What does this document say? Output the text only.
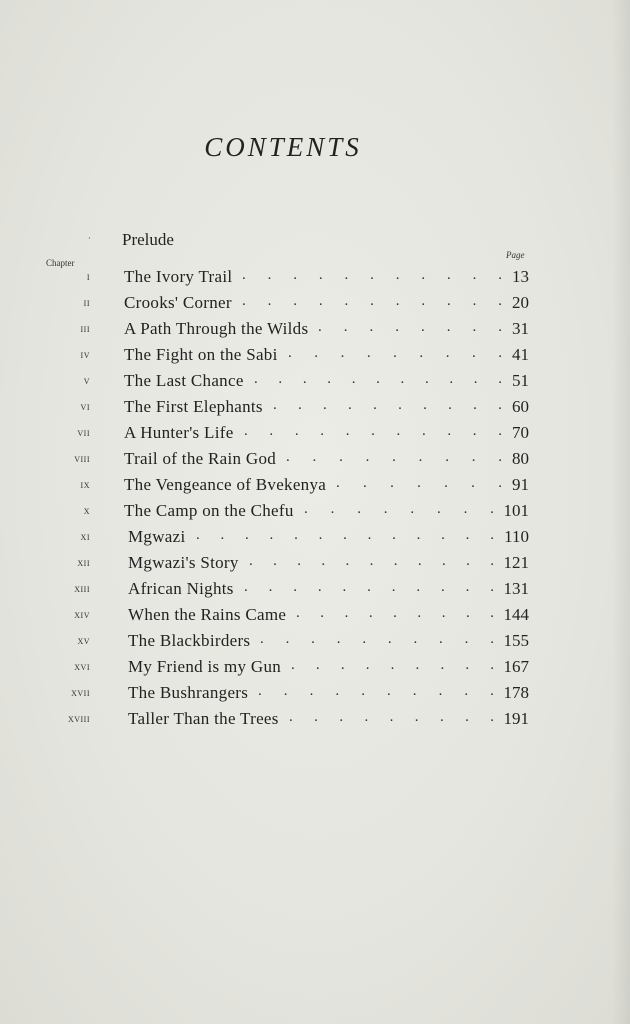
CONTENTS
· Prelude
Chapter
Page
i The Ivory Trail	13
. . . . . . . . . . .
ii Crooks' Corner	20
. . . . . . . . . . .
iii A Path Through the Wilds	31
. . . . . . . .
iv The Fight on the Sabi	41
. . . . . . . . .
v The Last Chance	51
. . . . . . . . . . .
vi The First Elephants	60
. . . . . . . . . .
vii A Hunter's Life	70
. . . . . . . . . . .
viii Trail of the Rain God	80
. . . . . . . . .
ix The Vengeance of Bvekenya	91
. . . . . . .
x The Camp on the Chefu	101
. . . . . . . .
xi Mgwazi	110
. . . . . . . . . . . . .
xii Mgwazi's Story	121
. . . . . . . . . . .
xiii African Nights	131
. . . . . . . . . . .
xiv When the Rains Came	144
. . . . . . . . .
xv The Blackbirders	155
. . . . . . . . . .
xvi My Friend is my Gun	167
. . . . . . . . .
xvii The Bushrangers	178
. . . . . . . . . .
xviii Taller Than the Trees	191
. . . . . . . . .
